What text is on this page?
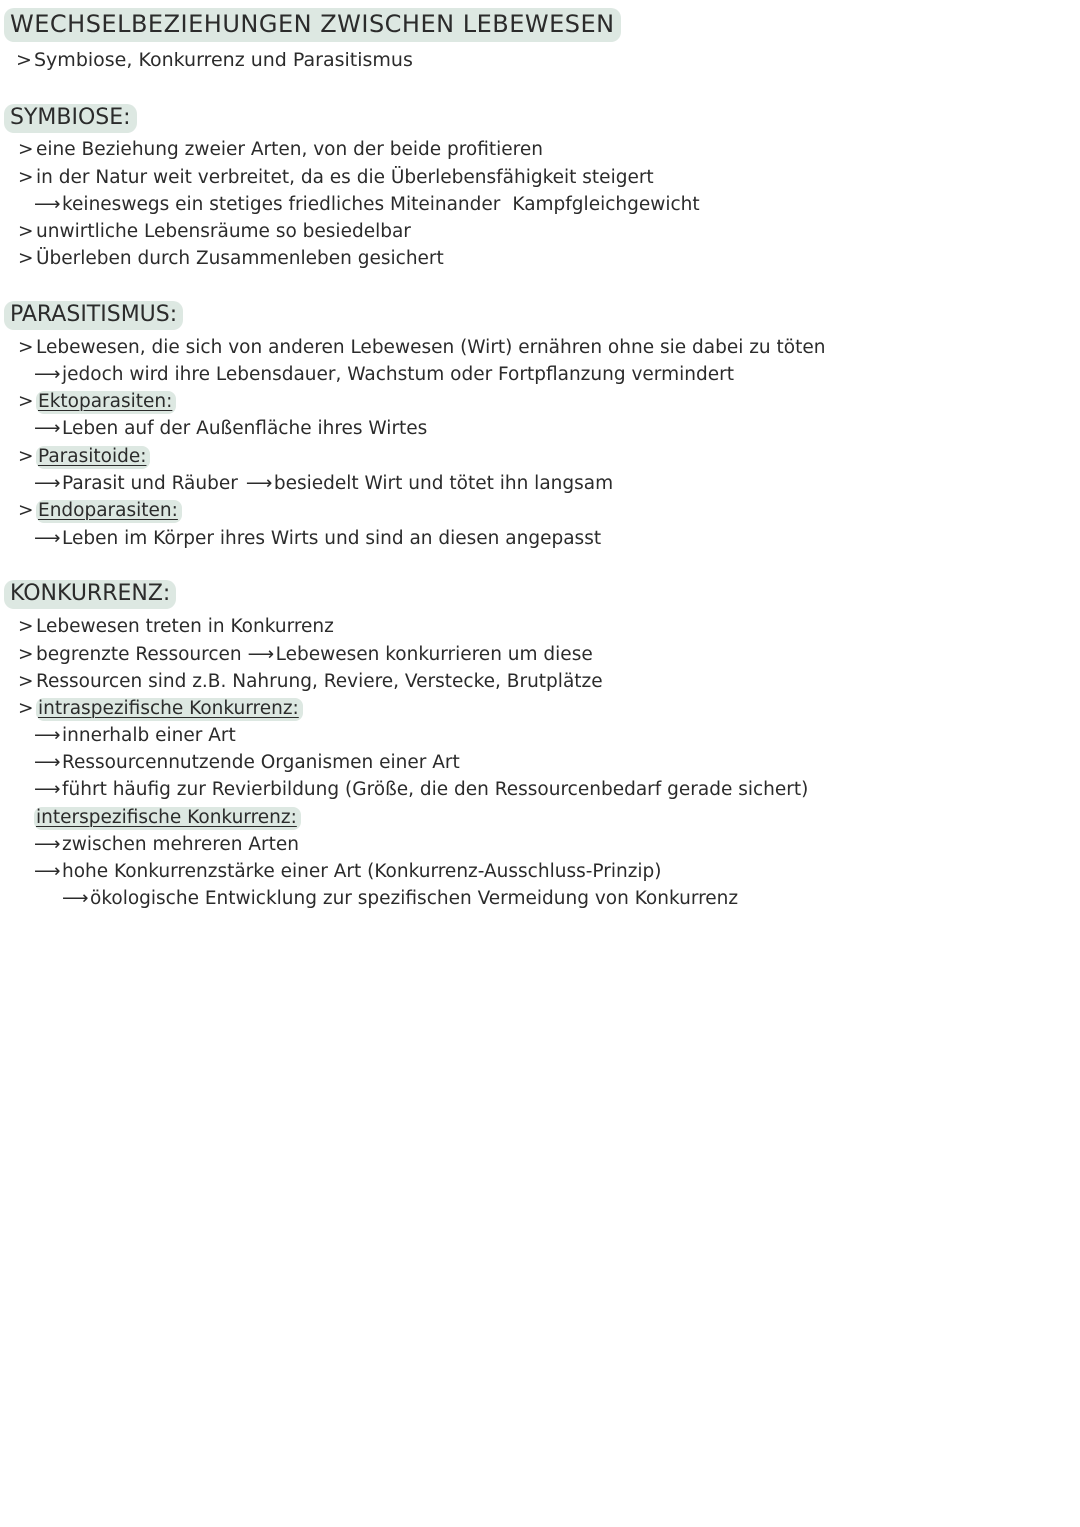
WECHSELBEZIEHUNGEN ZWISCHEN LEBEWESEN
> Symbiose, Konkurrenz und Parasitismus
SYMBIOSE:
> eine Beziehung zweier Arten, von der beide profitieren
> in der Natur weit verbreitet, da es die Überlebensfähigkeit steigert
⟶ keineswegs ein stetiges friedliches Miteinander Kampfgleichgewicht
> unwirtliche Lebensräume so besiedelbar
> Überleben durch Zusammenleben gesichert
PARASITISMUS:
> Lebewesen, die sich von anderen Lebewesen (Wirt) ernähren ohne sie dabei zu töten
⟶ jedoch wird ihre Lebensdauer, Wachstum oder Fortpflanzung vermindert
> Ektoparasiten:
⟶ Leben auf der Außenfläche ihres Wirtes
> Parasitoide:
⟶ Parasit und Räuber ⟶ besiedelt Wirt und tötet ihn langsam
> Endoparasiten:
⟶ Leben im Körper ihres Wirts und sind an diesen angepasst
KONKURRENZ:
> Lebewesen treten in Konkurrenz
> begrenzte Ressourcen ⟶ Lebewesen konkurrieren um diese
> Ressourcen sind z.B. Nahrung, Reviere, Verstecke, Brutplätze
> intraspezifische Konkurrenz:
⟶ innerhalb einer Art
⟶ Ressourcennutzende Organismen einer Art
⟶ führt häufig zur Revierbildung (Größe, die den Ressourcenbedarf gerade sichert)
interspezifische Konkurrenz:
⟶ zwischen mehreren Arten
⟶ hohe Konkurrenzstärke einer Art (Konkurrenz-Ausschluss-Prinzip)
⟶ ökologische Entwicklung zur spezifischen Vermeidung von Konkurrenz
